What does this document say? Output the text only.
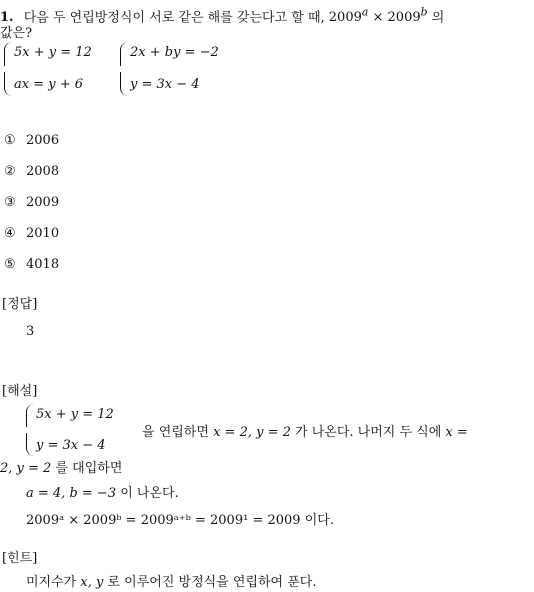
1. 다음 두 연립방정식이 서로 같은 해를 갖는다고 할 때, $2009^a \times 2009^b$ 의
값은?
5x + y = 12
ax = y + 6
2x + by = −2
y = 3x − 4
① 2006
② 2008
③ 2009
④ 2010
⑤ 4018
[정답]
3
[해설]
5x + y = 12
y = 3x − 4
을 연립하면 x = 2, y = 2 가 나온다. 나머지 두 식에 x =
2, y = 2 를 대입하면
a = 4, b = −3 이 나온다.
2009ᵃ × 2009ᵇ = 2009ᵃ⁺ᵇ = 2009¹ = 2009 이다.
[힌트]
미지수가 x, y 로 이루어진 방정식을 연립하여 푼다.
